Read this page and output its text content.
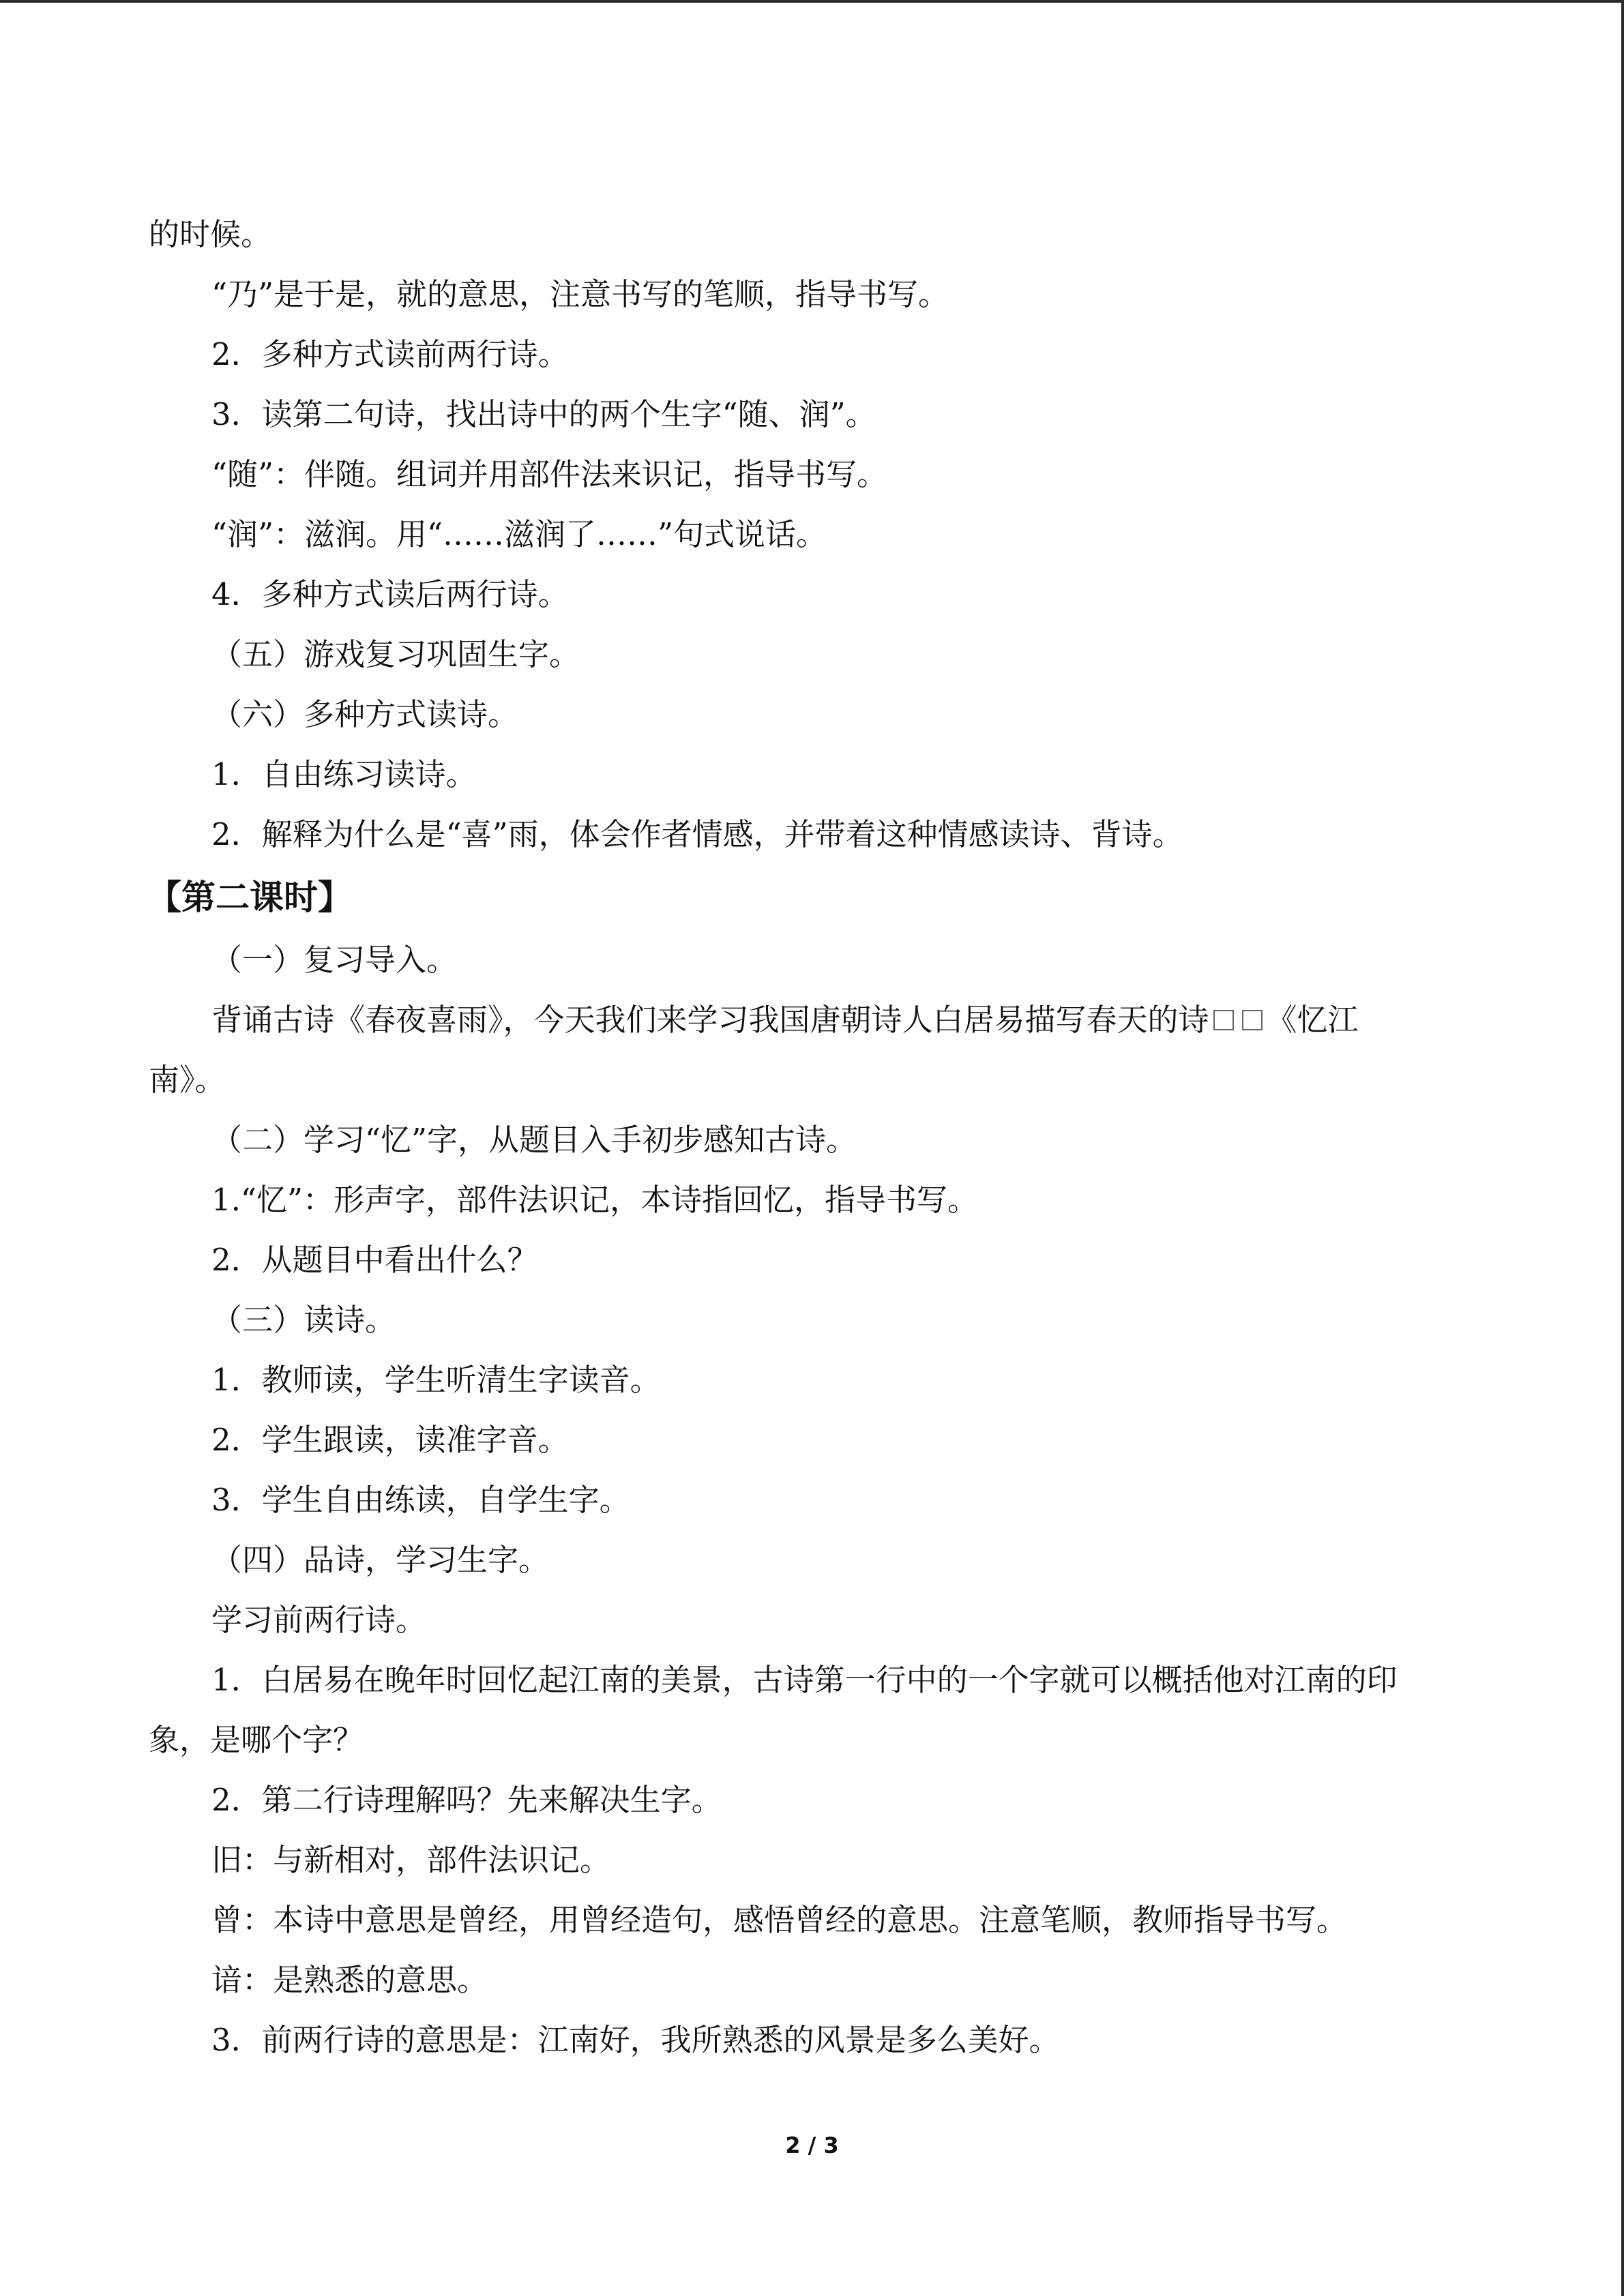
的时候。
“乃”是于是，就的意思，注意书写的笔顺，指导书写。
2．多种方式读前两行诗。
3．读第二句诗，找出诗中的两个生字“随、润”。
“随”：伴随。组词并用部件法来识记，指导书写。
“润”：滋润。用“……滋润了……”句式说话。
4．多种方式读后两行诗。
（五）游戏复习巩固生字。
（六）多种方式读诗。
1．自由练习读诗。
2．解释为什么是“喜”雨，体会作者情感，并带着这种情感读诗、背诗。
【第二课时】
（一）复习导入。
背诵古诗《春夜喜雨》，今天我们来学习我国唐朝诗人白居易描写春天的诗 《忆江
南》。
（二）学习“忆”字，从题目入手初步感知古诗。
1.“忆”：形声字，部件法识记，本诗指回忆，指导书写。
2．从题目中看出什么？
（三）读诗。
1．教师读，学生听清生字读音。
2．学生跟读，读准字音。
3．学生自由练读，自学生字。
（四）品诗，学习生字。
学习前两行诗。
1．白居易在晚年时回忆起江南的美景，古诗第一行中的一个字就可以概括他对江南的印
象，是哪个字？
2．第二行诗理解吗？先来解决生字。
旧：与新相对，部件法识记。
曾：本诗中意思是曾经，用曾经造句，感悟曾经的意思。注意笔顺，教师指导书写。
谙：是熟悉的意思。
3．前两行诗的意思是：江南好，我所熟悉的风景是多么美好。
2 / 3
